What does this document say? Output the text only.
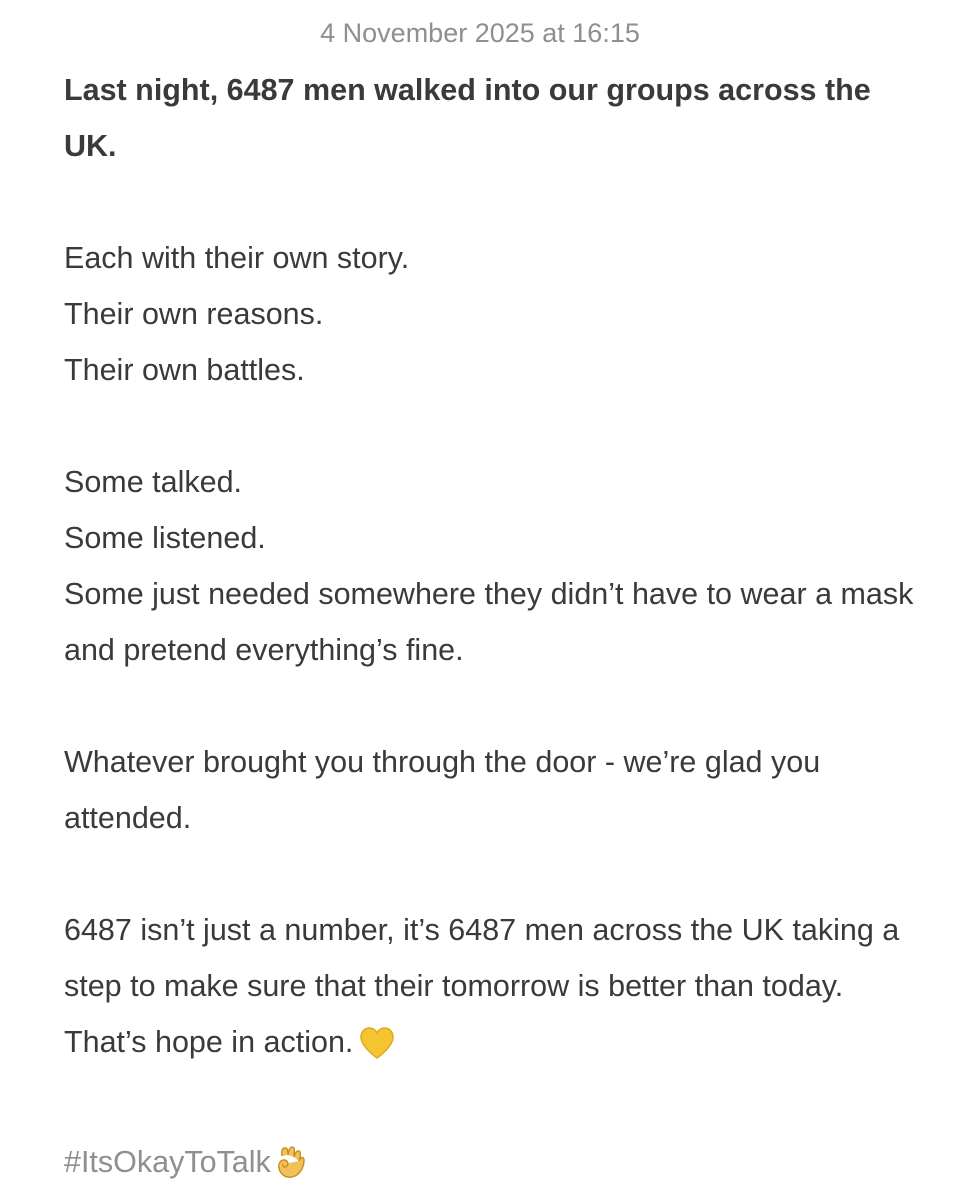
4 November 2025 at 16:15

Last night, 6487 men walked into our groups across the UK.

Each with their own story.
Their own reasons.
Their own battles.

Some talked.
Some listened.
Some just needed somewhere they didn’t have to wear a mask and pretend everything’s fine.

Whatever brought you through the door - we’re glad you attended.

6487 isn’t just a number, it’s 6487 men across the UK taking a step to make sure that their tomorrow is better than today. That’s hope in action.

#ItsOkayToTalk
